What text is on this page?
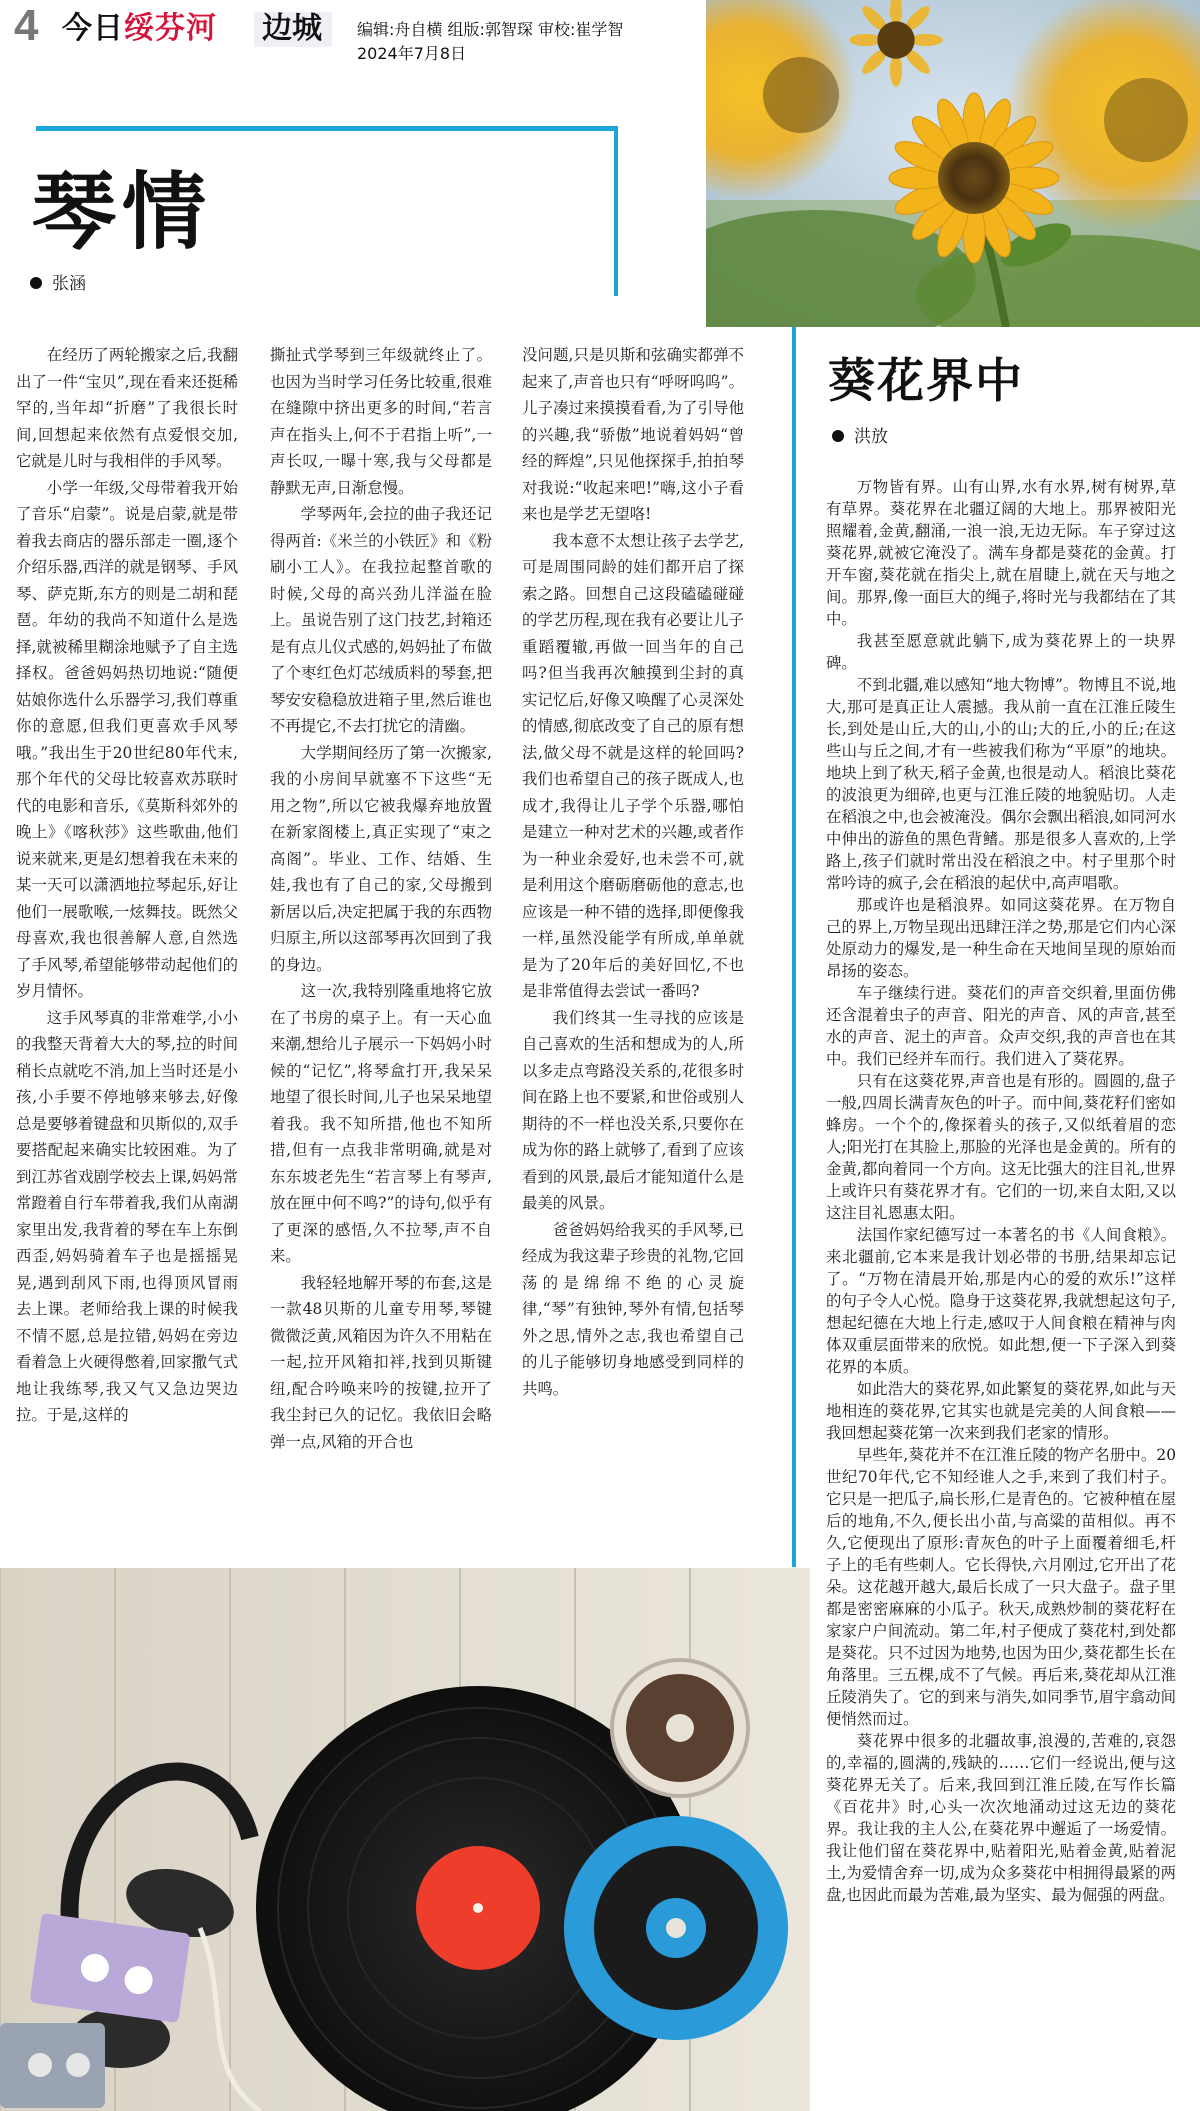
4 今日绥芬河 边城	编辑:舟自横 组版:郭智琛 审校:崔学智
2024年7月8日
琴情
张涵

在经历了两轮搬家之后,我翻出了一件“宝贝”,现在看来还挺稀罕的,当年却“折磨”了我很长时间,回想起来依然有点爱恨交加,它就是儿时与我相伴的手风琴。

小学一年级,父母带着我开始了音乐“启蒙”。说是启蒙,就是带着我去商店的器乐部走一圈,逐个介绍乐器,西洋的就是钢琴、手风琴、萨克斯,东方的则是二胡和琵琶。年幼的我尚不知道什么是选择,就被稀里糊涂地赋予了自主选择权。爸爸妈妈热切地说:“随便姑娘你选什么乐器学习,我们尊重你的意愿,但我们更喜欢手风琴哦。”我出生于20世纪80年代末,那个年代的父母比较喜欢苏联时代的电影和音乐,《莫斯科郊外的晚上》《喀秋莎》这些歌曲,他们说来就来,更是幻想着我在未来的某一天可以潇洒地拉琴起乐,好让他们一展歌喉,一炫舞技。既然父母喜欢,我也很善解人意,自然选了手风琴,希望能够带动起他们的岁月情怀。

这手风琴真的非常难学,小小的我整天背着大大的琴,拉的时间稍长点就吃不消,加上当时还是小孩,小手要不停地够来够去,好像总是要够着键盘和贝斯似的,双手要搭配起来确实比较困难。为了到江苏省戏剧学校去上课,妈妈常常蹬着自行车带着我,我们从南湖家里出发,我背着的琴在车上东倒西歪,妈妈骑着车子也是摇摇晃晃,遇到刮风下雨,也得顶风冒雨去上课。老师给我上课的时候我不情不愿,总是拉错,妈妈在旁边看着急上火硬得憋着,回家撒气式地让我练琴,我又气又急边哭边拉。于是,这样的

撕扯式学琴到三年级就终止了。也因为当时学习任务比较重,很难在缝隙中挤出更多的时间,“若言声在指头上,何不于君指上听”,一声长叹,一曝十寒,我与父母都是静默无声,日渐怠慢。

学琴两年,会拉的曲子我还记得两首:《米兰的小铁匠》和《粉刷小工人》。在我拉起整首歌的时候,父母的高兴劲儿洋溢在脸上。虽说告别了这门技艺,封箱还是有点儿仪式感的,妈妈扯了布做了个枣红色灯芯绒质料的琴套,把琴安安稳稳放进箱子里,然后谁也不再提它,不去打扰它的清幽。

大学期间经历了第一次搬家,我的小房间早就塞不下这些“无用之物”,所以它被我爆弃地放置在新家阁楼上,真正实现了“束之高阁”。毕业、工作、结婚、生娃,我也有了自己的家,父母搬到新居以后,决定把属于我的东西物归原主,所以这部琴再次回到了我的身边。

这一次,我特别隆重地将它放在了书房的桌子上。有一天心血来潮,想给儿子展示一下妈妈小时候的“记忆”,将琴盒打开,我呆呆地望了很长时间,儿子也呆呆地望着我。我不知所措,他也不知所措,但有一点我非常明确,就是对东东坡老先生“若言琴上有琴声,放在匣中何不鸣?”的诗句,似乎有了更深的感悟,久不拉琴,声不自来。

我轻轻地解开琴的布套,这是一款48贝斯的儿童专用琴,琴键微微泛黄,风箱因为许久不用粘在一起,拉开风箱扣袢,找到贝斯键纽,配合吟唤来吟的按键,拉开了我尘封已久的记忆。我依旧会略弹一点,风箱的开合也

没问题,只是贝斯和弦确实都弹不起来了,声音也只有“呼呀呜呜”。儿子凑过来摸摸看看,为了引导他的兴趣,我“骄傲”地说着妈妈“曾经的辉煌”,只见他探探手,拍拍琴对我说:“收起来吧!”嗨,这小子看来也是学艺无望咯!

我本意不太想让孩子去学艺,可是周围同龄的娃们都开启了探索之路。回想自己这段磕磕碰碰的学艺历程,现在我有必要让儿子重蹈覆辙,再做一回当年的自己吗?但当我再次触摸到尘封的真实记忆后,好像又唤醒了心灵深处的情感,彻底改变了自己的原有想法,做父母不就是这样的轮回吗?我们也希望自己的孩子既成人,也成才,我得让儿子学个乐器,哪怕是建立一种对艺术的兴趣,或者作为一种业余爱好,也未尝不可,就是利用这个磨砺磨砺他的意志,也应该是一种不错的选择,即便像我一样,虽然没能学有所成,单单就是为了20年后的美好回忆,不也是非常值得去尝试一番吗?

我们终其一生寻找的应该是自己喜欢的生活和想成为的人,所以多走点弯路没关系的,花很多时间在路上也不要紧,和世俗或别人期待的不一样也没关系,只要你在成为你的路上就够了,看到了应该看到的风景,最后才能知道什么是最美的风景。

爸爸妈妈给我买的手风琴,已经成为我这辈子珍贵的礼物,它回荡的是绵绵不绝的心灵旋律,“琴”有独钟,琴外有情,包括琴外之思,情外之志,我也希望自己的儿子能够切身地感受到同样的共鸣。

葵花界中
洪放

万物皆有界。山有山界,水有水界,树有树界,草有草界。葵花界在北疆辽阔的大地上。那界被阳光照耀着,金黄,翻涌,一浪一浪,无边无际。车子穿过这葵花界,就被它淹没了。满车身都是葵花的金黄。打开车窗,葵花就在指尖上,就在眉睫上,就在天与地之间。那界,像一面巨大的绳子,将时光与我都结在了其中。

我甚至愿意就此躺下,成为葵花界上的一块界碑。

不到北疆,难以感知“地大物博”。物博且不说,地大,那可是真正让人震撼。我从前一直在江淮丘陵生长,到处是山丘,大的山,小的山;大的丘,小的丘;在这些山与丘之间,才有一些被我们称为“平原”的地块。地块上到了秋天,稻子金黄,也很是动人。稻浪比葵花的波浪更为细碎,也更与江淮丘陵的地貌贴切。人走在稻浪之中,也会被淹没。偶尔会飘出稻浪,如同河水中伸出的游鱼的黑色背鳍。那是很多人喜欢的,上学路上,孩子们就时常出没在稻浪之中。村子里那个时常吟诗的疯子,会在稻浪的起伏中,高声唱歌。

那或许也是稻浪界。如同这葵花界。在万物自己的界上,万物呈现出迅肆汪洋之势,那是它们内心深处原动力的爆发,是一种生命在天地间呈现的原始而昂扬的姿态。

车子继续行进。葵花们的声音交织着,里面仿佛还含混着虫子的声音、阳光的声音、风的声音,甚至水的声音、泥土的声音。众声交织,我的声音也在其中。我们已经并车而行。我们进入了葵花界。

只有在这葵花界,声音也是有形的。圆圆的,盘子一般,四周长满青灰色的叶子。而中间,葵花籽们密如蜂房。一个个的,像探着头的孩子,又似纸着眉的恋人;阳光打在其脸上,那脸的光泽也是金黄的。所有的金黄,都向着同一个方向。这无比强大的注目礼,世界上或许只有葵花界才有。它们的一切,来自太阳,又以这注目礼恩惠太阳。

法国作家纪德写过一本著名的书《人间食粮》。来北疆前,它本来是我计划必带的书册,结果却忘记了。“万物在清晨开始,那是内心的爱的欢乐!”这样的句子令人心悦。隐身于这葵花界,我就想起这句子,想起纪德在大地上行走,感叹于人间食粮在精神与肉体双重层面带来的欣悦。如此想,便一下子深入到葵花界的本质。

如此浩大的葵花界,如此繁复的葵花界,如此与天地相连的葵花界,它其实也就是完美的人间食粮——我回想起葵花第一次来到我们老家的情形。

早些年,葵花并不在江淮丘陵的物产名册中。20世纪70年代,它不知经谁人之手,来到了我们村子。它只是一把瓜子,扁长形,仁是青色的。它被种植在屋后的地角,不久,便长出小苗,与高粱的苗相似。再不久,它便现出了原形:青灰色的叶子上面覆着细毛,杆子上的毛有些刺人。它长得快,六月刚过,它开出了花朵。这花越开越大,最后长成了一只大盘子。盘子里都是密密麻麻的小瓜子。秋天,成熟炒制的葵花籽在家家户户间流动。第二年,村子便成了葵花村,到处都是葵花。只不过因为地势,也因为田少,葵花都生长在角落里。三五棵,成不了气候。再后来,葵花却从江淮丘陵消失了。它的到来与消失,如同季节,眉宇翕动间便悄然而过。

葵花界中很多的北疆故事,浪漫的,苦难的,哀怨的,幸福的,圆满的,残缺的……它们一经说出,便与这葵花界无关了。后来,我回到江淮丘陵,在写作长篇《百花井》时,心头一次次地涌动过这无边的葵花界。我让我的主人公,在葵花界中邂逅了一场爱情。我让他们留在葵花界中,贴着阳光,贴着金黄,贴着泥土,为爱情舍弃一切,成为众多葵花中相拥得最紧的两盘,也因此而最为苦难,最为坚实、最为倔强的两盘。
